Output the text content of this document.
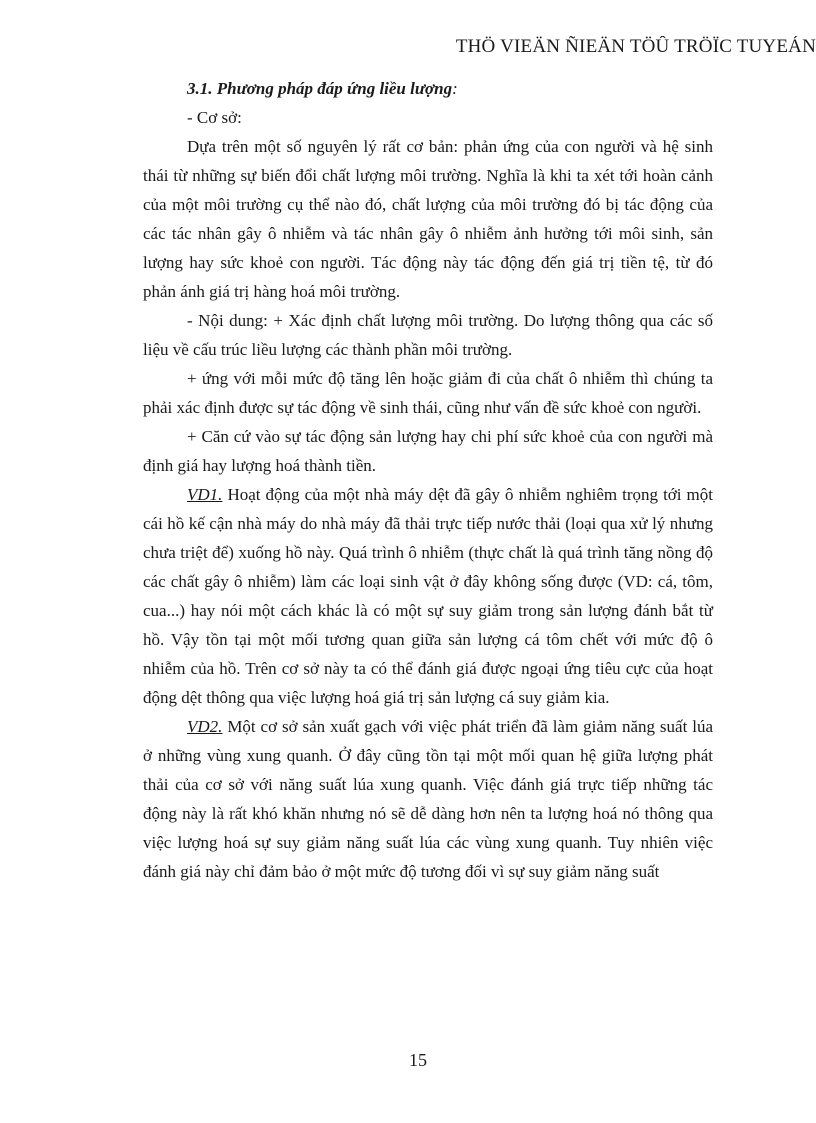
THÖ VIEÄN ÑIEÄN TÖÛ TRÖÏC TUYEÁN

3.1. Phương pháp đáp ứng liều lượng:

- Cơ sở:

Dựa trên một số nguyên lý rất cơ bản: phản ứng của con người và hệ sinh thái từ những sự biến đổi chất lượng môi trường. Nghĩa là khi ta xét tới hoàn cảnh của một môi trường cụ thể nào đó, chất lượng của môi trường đó bị tác động của các tác nhân gây ô nhiễm và tác nhân gây ô nhiễm ảnh hưởng tới môi sinh, sản lượng hay sức khoẻ con người. Tác động này tác động đến giá trị tiền tệ, từ đó phản ánh giá trị hàng hoá môi trường.

- Nội dung: + Xác định chất lượng môi trường. Do lượng thông qua các số liệu về cấu trúc liều lượng các thành phần môi trường.

+ ứng với mỗi mức độ tăng lên hoặc giảm đi của chất ô nhiễm thì chúng ta phải xác định được sự tác động về sinh thái, cũng như vấn đề sức khoẻ con người.

+ Căn cứ vào sự tác động sản lượng hay chi phí sức khoẻ của con người mà định giá hay lượng hoá thành tiền.

VD1. Hoạt động của một nhà máy dệt đã gây ô nhiễm nghiêm trọng tới một cái hồ kế cận nhà máy do nhà máy đã thải trực tiếp nước thải (loại qua xử lý nhưng chưa triệt để) xuống hồ này. Quá trình ô nhiễm (thực chất là quá trình tăng nồng độ các chất gây ô nhiễm) làm các loại sinh vật ở đây không sống được (VD: cá, tôm, cua...) hay nói một cách khác là có một sự suy giảm trong sản lượng đánh bắt từ hồ. Vậy tồn tại một mối tương quan giữa sản lượng cá tôm chết với mức độ ô nhiễm của hồ. Trên cơ sở này ta có thể đánh giá được ngoại ứng tiêu cực của hoạt động dệt thông qua việc lượng hoá giá trị sản lượng cá suy giảm kia.

VD2. Một cơ sở sản xuất gạch với việc phát triển đã làm giảm năng suất lúa ở những vùng xung quanh. Ở đây cũng tồn tại một mối quan hệ giữa lượng phát thải của cơ sở với năng suất lúa xung quanh. Việc đánh giá trực tiếp những tác động này là rất khó khăn nhưng nó sẽ dễ dàng hơn nên ta lượng hoá nó thông qua việc lượng hoá sự suy giảm năng suất lúa các vùng xung quanh. Tuy nhiên việc đánh giá này chỉ đảm bảo ở một mức độ tương đối vì sự suy giảm năng suất

15
